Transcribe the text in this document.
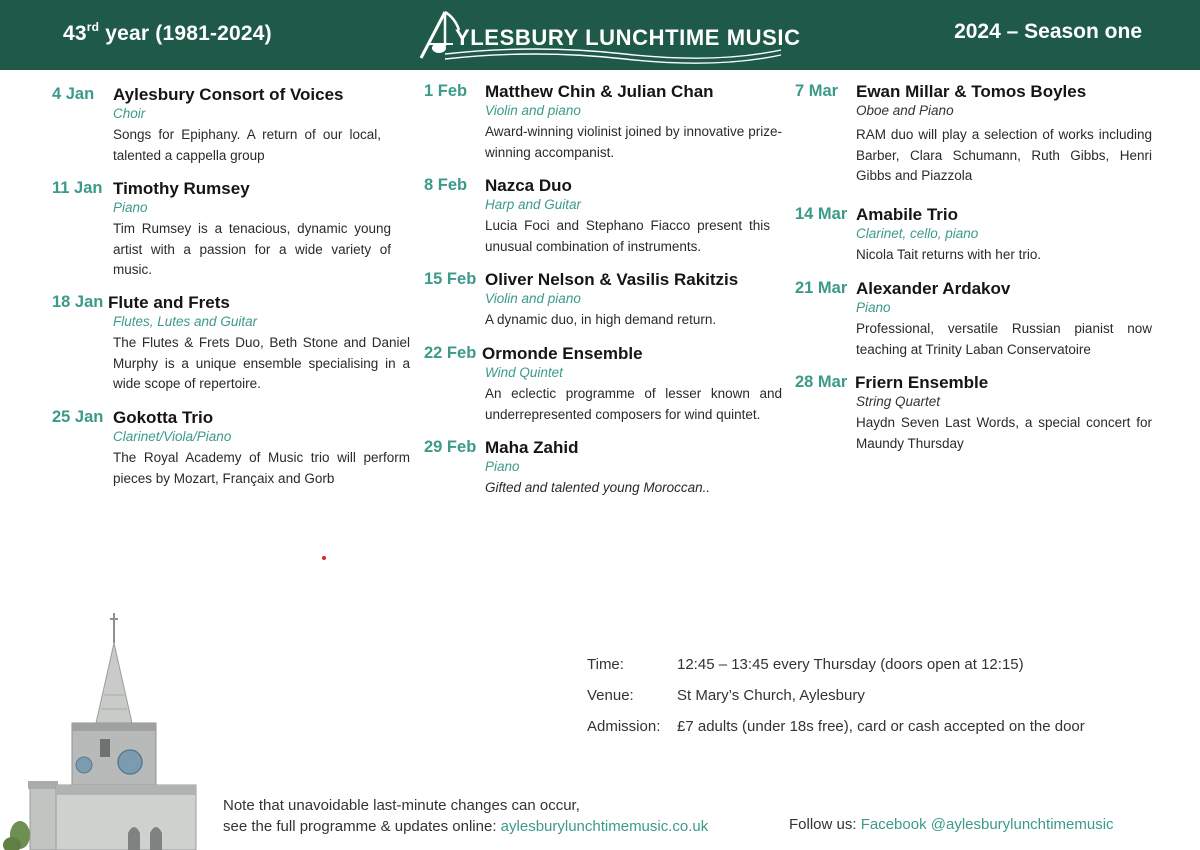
43rd year (1981-2024)	YLESBURY LUNCHTIME MUSIC	2024 – Season one
4 Jan Aylesbury Consort of Voices
Choir
Songs for Epiphany. A return of our local, talented a cappella group
11 Jan Timothy Rumsey
Piano
Tim Rumsey is a tenacious, dynamic young artist with a passion for a wide variety of music.
18 Jan Flute and Frets
Flutes, Lutes and Guitar
The Flutes & Frets Duo, Beth Stone and Daniel Murphy is a unique ensemble specialising in a wide scope of repertoire.
25 Jan Gokotta Trio
Clarinet/Viola/Piano
The Royal Academy of Music trio will perform pieces by Mozart, Françaix and Gorb
1 Feb Matthew Chin & Julian Chan
Violin and piano
Award-winning violinist joined by innovative prize-winning accompanist.
8 Feb Nazca Duo
Harp and Guitar
Lucia Foci and Stephano Fiacco present this unusual combination of instruments.
15 Feb Oliver Nelson & Vasilis Rakitzis
Violin and piano
A dynamic duo, in high demand return.
22 Feb Ormonde Ensemble
Wind Quintet
An eclectic programme of lesser known and underrepresented composers for wind quintet.
29 Feb Maha Zahid
Piano
Gifted and talented young Moroccan..
7 Mar Ewan Millar & Tomos Boyles
Oboe and Piano
RAM duo will play a selection of works including Barber, Clara Schumann, Ruth Gibbs, Henri Gibbs and Piazzola
14 Mar Amabile Trio
Clarinet, cello, piano
Nicola Tait returns with her trio.
21 Mar Alexander Ardakov
Piano
Professional, versatile Russian pianist now teaching at Trinity Laban Conservatoire
28 Mar Friern Ensemble
String Quartet
Haydn Seven Last Words, a special concert for Maundy Thursday
Time:	12:45 – 13:45 every Thursday (doors open at 12:15)
Venue:	St Mary’s Church, Aylesbury
Admission: £7 adults (under 18s free), card or cash accepted on the door
Note that unavoidable last-minute changes can occur,
see the full programme & updates online: aylesburylunchtimemusic.co.uk	Follow us: Facebook @aylesburylunchtimemusic
